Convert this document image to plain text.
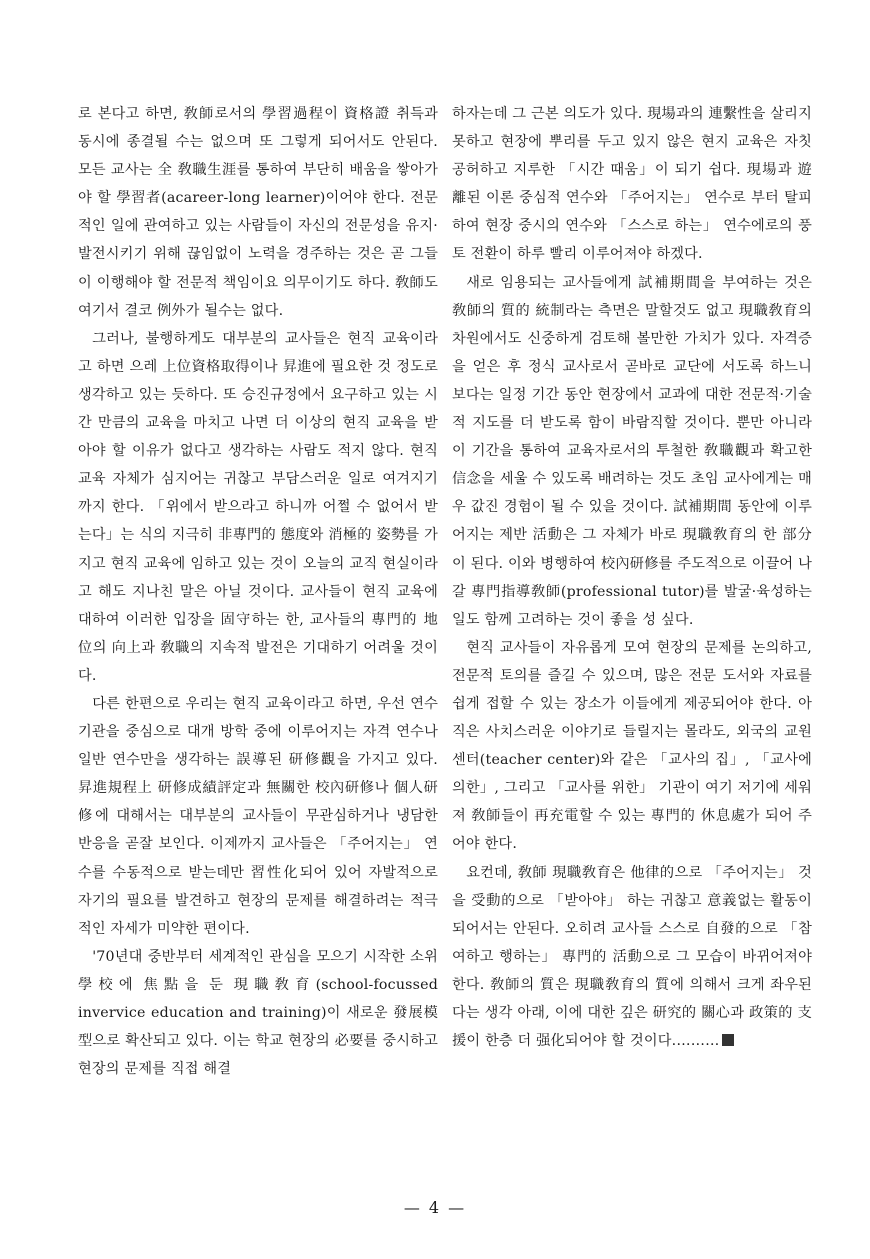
로 본다고 하면, 敎師로서의 學習過程이 資格證 취득과 동시에 종결될 수는 없으며 또 그렇게 되어서도 안된다. 모든 교사는 全 敎職生涯를 통하여 부단히 배움을 쌓아가야 할 學習者(acareer-long learner)이어야 한다. 전문적인 일에 관여하고 있는 사람들이 자신의 전문성을 유지·발전시키기 위해 끊임없이 노력을 경주하는 것은 곧 그들이 이행해야 할 전문적 책임이요 의무이기도 하다. 敎師도 여기서 결코 例外가 될수는 없다.

그러나, 불행하게도 대부분의 교사들은 현직 교육이라고 하면 으레 上位資格取得이나 昇進에 필요한 것 정도로 생각하고 있는 듯하다. 또 승진규정에서 요구하고 있는 시간 만큼의 교육을 마치고 나면 더 이상의 현직 교육을 받아야 할 이유가 없다고 생각하는 사람도 적지 않다. 현직 교육 자체가 심지어는 귀찮고 부담스러운 일로 여겨지기까지 한다. 「위에서 받으라고 하니까 어쩔 수 없어서 받는다」는 식의 지극히 非專門的 態度와 消極的 姿勢를 가지고 현직 교육에 임하고 있는 것이 오늘의 교직 현실이라고 해도 지나친 말은 아닐 것이다. 교사들이 현직 교육에 대하여 이러한 입장을 固守하는 한, 교사들의 專門的 地位의 向上과 敎職의 지속적 발전은 기대하기 어려울 것이다.

다른 한편으로 우리는 현직 교육이라고 하면, 우선 연수 기관을 중심으로 대개 방학 중에 이루어지는 자격 연수나 일반 연수만을 생각하는 誤導된 研修觀을 가지고 있다. 昇進規程上 研修成績評定과 無關한 校內研修나 個人研修에 대해서는 대부분의 교사들이 무관심하거나 냉담한 반응을 곧잘 보인다. 이제까지 교사들은 「주어지는」 연수를 수동적으로 받는데만 習性化되어 있어 자발적으로 자기의 필요를 발견하고 현장의 문제를 해결하려는 적극적인 자세가 미약한 편이다.

'70년대 중반부터 세계적인 관심을 모으기 시작한 소위 學校에 焦點을 둔 現職敎育(school-focussed invervice education and training)이 새로운 發展模型으로 확산되고 있다. 이는 학교 현장의 必要를 중시하고 현장의 문제를 직접 해결

하자는데 그 근본 의도가 있다. 現場과의 連繫性을 살리지 못하고 현장에 뿌리를 두고 있지 않은 현지 교육은 자칫 공허하고 지루한 「시간 때움」이 되기 쉽다. 現場과 遊離된 이론 중심적 연수와 「주어지는」 연수로 부터 탈피하여 현장 중시의 연수와 「스스로 하는」 연수에로의 풍토 전환이 하루 빨리 이루어져야 하겠다.

새로 임용되는 교사들에게 試補期間을 부여하는 것은 敎師의 質的 統制라는 측면은 말할것도 없고 現職敎育의 차원에서도 신중하게 검토해 볼만한 가치가 있다. 자격증을 얻은 후 정식 교사로서 곧바로 교단에 서도록 하느니 보다는 일정 기간 동안 현장에서 교과에 대한 전문적·기술적 지도를 더 받도록 함이 바람직할 것이다. 뿐만 아니라 이 기간을 통하여 교육자로서의 투철한 敎職觀과 확고한 信念을 세울 수 있도록 배려하는 것도 초임 교사에게는 매우 값진 경험이 될 수 있을 것이다. 試補期間 동안에 이루어지는 제반 活動은 그 자체가 바로 現職敎育의 한 部分이 된다. 이와 병행하여 校內研修를 주도적으로 이끌어 나갈 專門指導敎師(professional tutor)를 발굴·육성하는 일도 함께 고려하는 것이 좋을 성 싶다.

현직 교사들이 자유롭게 모여 현장의 문제를 논의하고, 전문적 토의를 즐길 수 있으며, 많은 전문 도서와 자료를 쉽게 접할 수 있는 장소가 이들에게 제공되어야 한다. 아직은 사치스러운 이야기로 들릴지는 몰라도, 외국의 교원센터(teacher center)와 같은 「교사의 집」, 「교사에 의한」, 그리고 「교사를 위한」 기관이 여기 저기에 세워져 敎師들이 再充電할 수 있는 專門的 休息處가 되어 주어야 한다.

요컨데, 敎師 現職敎育은 他律的으로 「주어지는」 것을 受動的으로 「받아야」 하는 귀찮고 意義없는 활동이 되어서는 안된다. 오히려 교사들 스스로 自發的으로 「참여하고 행하는」 專門的 活動으로 그 모습이 바뀌어져야 한다. 敎師의 質은 現職敎育의 質에 의해서 크게 좌우된다는 생각 아래, 이에 대한 깊은 研究的 關心과 政策的 支援이 한층 더 强化되어야 할 것이다.………

— 4 —
